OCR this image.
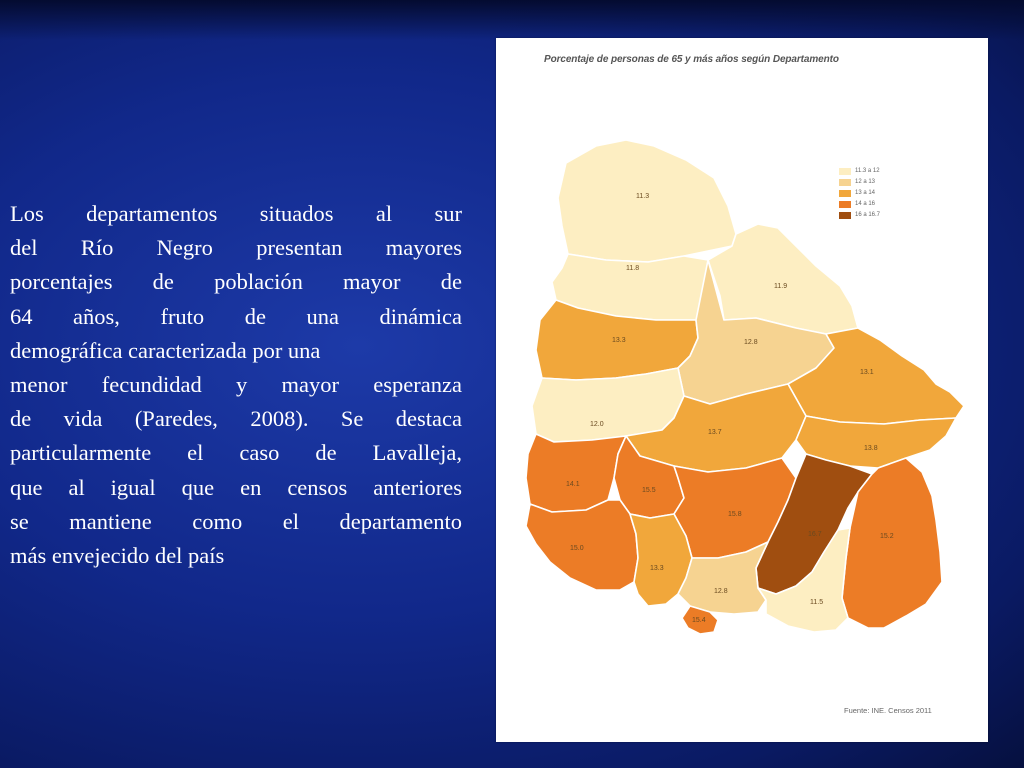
Los departamentos situados al sur
del Río Negro presentan mayores
porcentajes de población mayor de
64 años, fruto de una dinámica
demográfica caracterizada por una
menor fecundidad y mayor esperanza
de vida (Paredes, 2008). Se destaca
particularmente el caso de Lavalleja,
que al igual que en censos anteriores
se mantiene como el departamento
más envejecido del país
Porcentaje de personas de 65 y más años según Departamento
11.3
11.8
11.9
13.3	12.8
13.1
12.0
13.7
13.8
14.1
15.5
15.8
16.7	15.2
15.0
13.3
12.8
11.5
15.4
11.3 a 12
12 a 13
13 a 14
14 a 16
16 a 16.7
Fuente: INE. Censos 2011
